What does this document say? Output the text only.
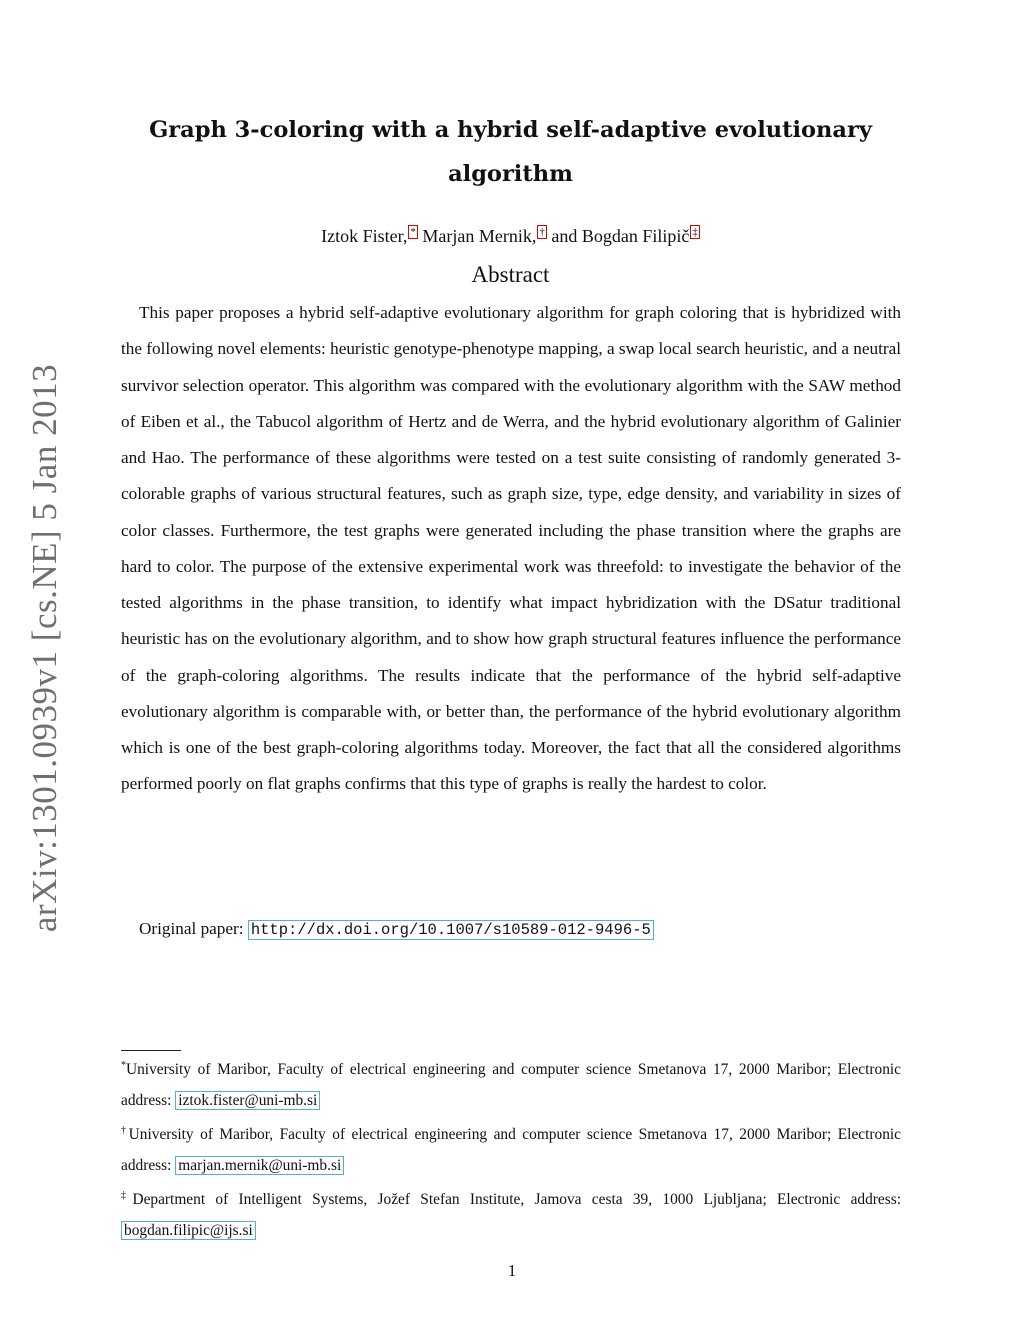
arXiv:1301.0939v1 [cs.NE] 5 Jan 2013
Graph 3-coloring with a hybrid self-adaptive evolutionary algorithm
Iztok Fister, * Marjan Mernik, † and Bogdan Filipič ‡
Abstract
This paper proposes a hybrid self-adaptive evolutionary algorithm for graph coloring that is hybridized with the following novel elements: heuristic genotype-phenotype mapping, a swap local search heuristic, and a neutral survivor selection operator. This algorithm was compared with the evolutionary algorithm with the SAW method of Eiben et al., the Tabucol algorithm of Hertz and de Werra, and the hybrid evolutionary algorithm of Galinier and Hao. The performance of these algorithms were tested on a test suite consisting of randomly generated 3-colorable graphs of various structural features, such as graph size, type, edge density, and variability in sizes of color classes. Furthermore, the test graphs were generated including the phase transition where the graphs are hard to color. The purpose of the extensive experimental work was threefold: to investigate the behavior of the tested algorithms in the phase transition, to identify what impact hybridization with the DSatur traditional heuristic has on the evolutionary algorithm, and to show how graph structural features influence the performance of the graph-coloring algorithms. The results indicate that the performance of the hybrid self-adaptive evolutionary algorithm is comparable with, or better than, the performance of the hybrid evolutionary algorithm which is one of the best graph-coloring algorithms today. Moreover, the fact that all the considered algorithms performed poorly on flat graphs confirms that this type of graphs is really the hardest to color.
Original paper: http://dx.doi.org/10.1007/s10589-012-9496-5

*University of Maribor, Faculty of electrical engineering and computer science Smetanova 17, 2000 Maribor; Electronic address: iztok.fister@uni-mb.si

†University of Maribor, Faculty of electrical engineering and computer science Smetanova 17, 2000 Maribor; Electronic address: marjan.mernik@uni-mb.si

‡Department of Intelligent Systems, Jožef Stefan Institute, Jamova cesta 39, 1000 Ljubljana; Electronic address: bogdan.filipic@ijs.si

1
